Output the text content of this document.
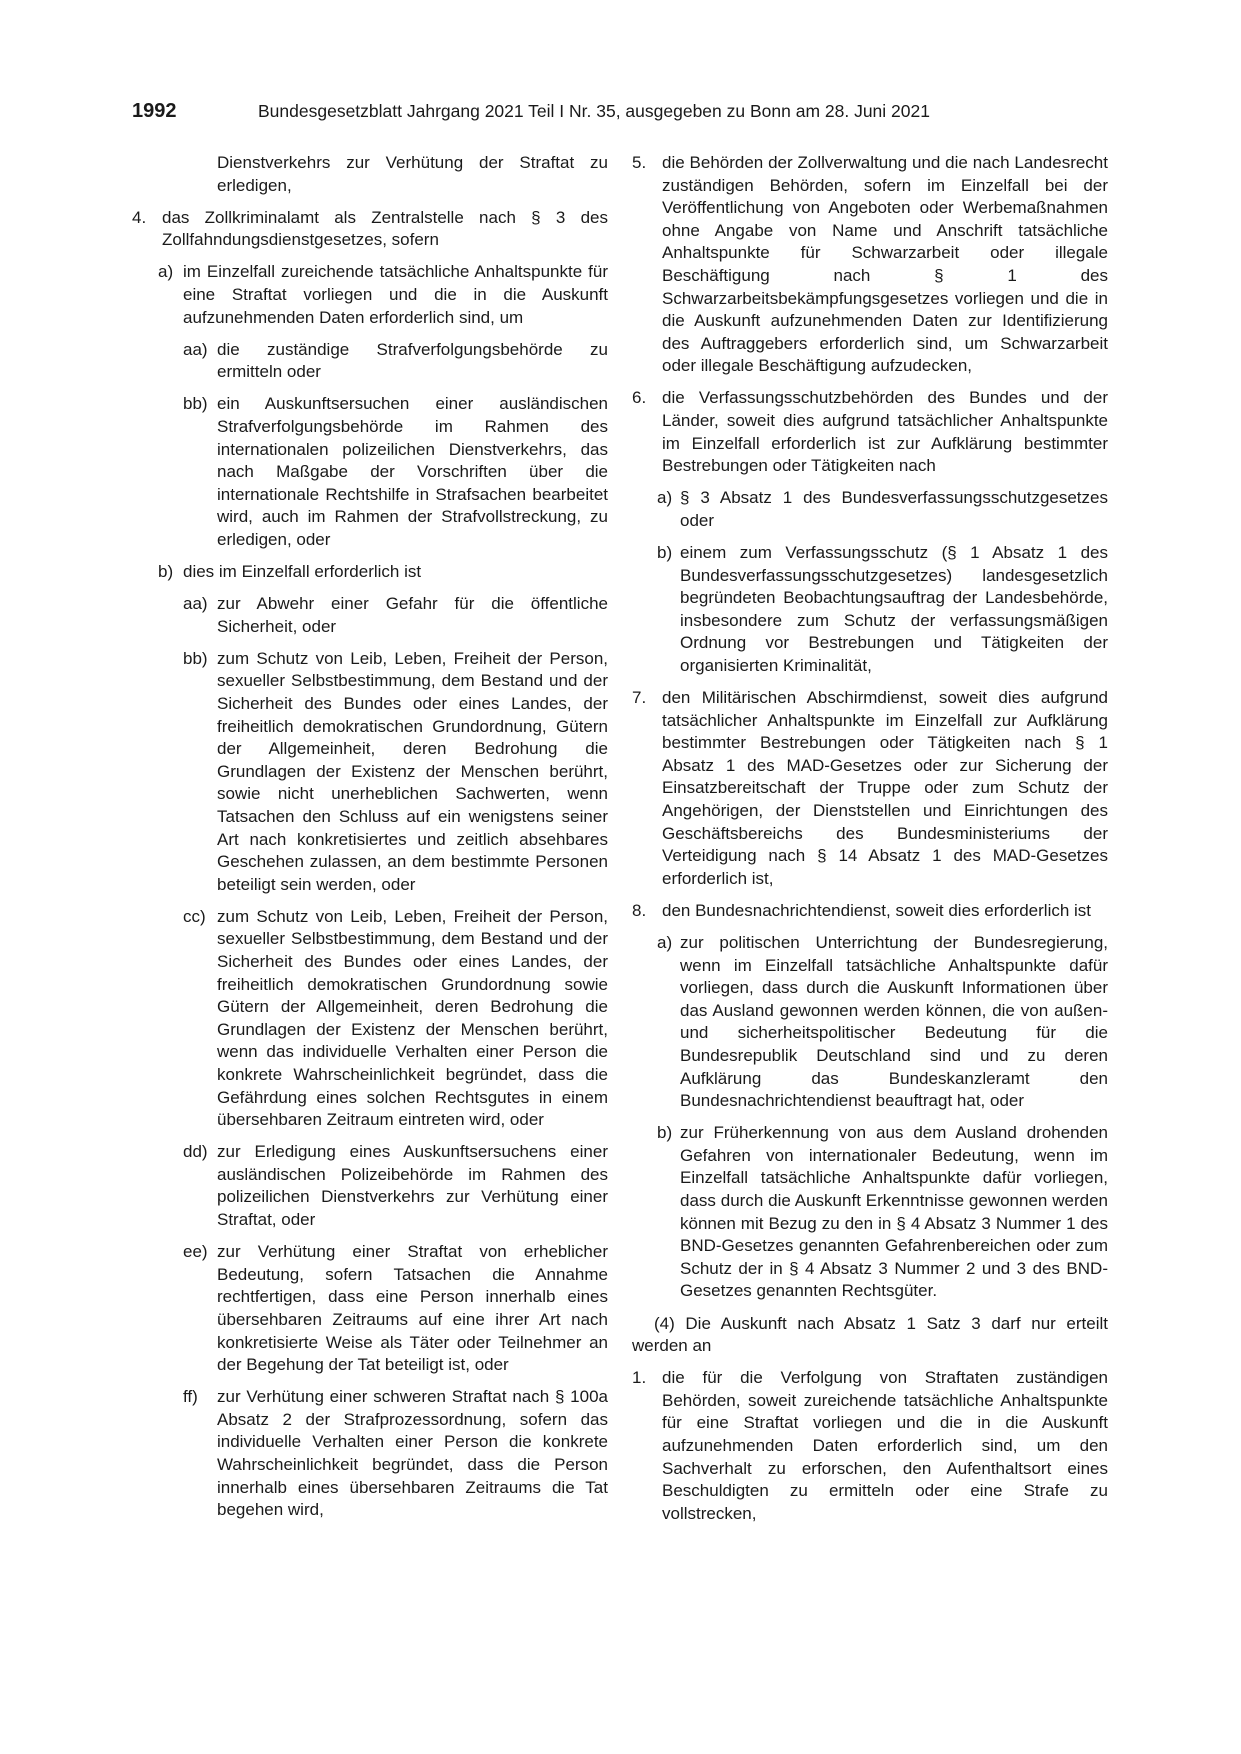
1992	Bundesgesetzblatt Jahrgang 2021 Teil I Nr. 35, ausgegeben zu Bonn am 28. Juni 2021
Dienstverkehrs zur Verhütung der Straftat zu erledigen,
4. das Zollkriminalamt als Zentralstelle nach § 3 des Zollfahndungsdienstgesetzes, sofern
a) im Einzelfall zureichende tatsächliche Anhaltspunkte für eine Straftat vorliegen und die in die Auskunft aufzunehmenden Daten erforderlich sind, um
aa) die zuständige Strafverfolgungsbehörde zu ermitteln oder
bb) ein Auskunftsersuchen einer ausländischen Strafverfolgungsbehörde im Rahmen des internationalen polizeilichen Dienstverkehrs, das nach Maßgabe der Vorschriften über die internationale Rechtshilfe in Strafsachen bearbeitet wird, auch im Rahmen der Strafvollstreckung, zu erledigen, oder
b) dies im Einzelfall erforderlich ist
aa) zur Abwehr einer Gefahr für die öffentliche Sicherheit, oder
bb) zum Schutz von Leib, Leben, Freiheit der Person, sexueller Selbstbestimmung, dem Bestand und der Sicherheit des Bundes oder eines Landes, der freiheitlich demokratischen Grundordnung, Gütern der Allgemeinheit, deren Bedrohung die Grundlagen der Existenz der Menschen berührt, sowie nicht unerheblichen Sachwerten, wenn Tatsachen den Schluss auf ein wenigstens seiner Art nach konkretisiertes und zeitlich absehbares Geschehen zulassen, an dem bestimmte Personen beteiligt sein werden, oder
cc) zum Schutz von Leib, Leben, Freiheit der Person, sexueller Selbstbestimmung, dem Bestand und der Sicherheit des Bundes oder eines Landes, der freiheitlich demokratischen Grundordnung sowie Gütern der Allgemeinheit, deren Bedrohung die Grundlagen der Existenz der Menschen berührt, wenn das individuelle Verhalten einer Person die konkrete Wahrscheinlichkeit begründet, dass die Gefährdung eines solchen Rechtsgutes in einem übersehbaren Zeitraum eintreten wird, oder
dd) zur Erledigung eines Auskunftsersuchens einer ausländischen Polizeibehörde im Rahmen des polizeilichen Dienstverkehrs zur Verhütung einer Straftat, oder
ee) zur Verhütung einer Straftat von erheblicher Bedeutung, sofern Tatsachen die Annahme rechtfertigen, dass eine Person innerhalb eines übersehbaren Zeitraums auf eine ihrer Art nach konkretisierte Weise als Täter oder Teilnehmer an der Begehung der Tat beteiligt ist, oder
ff)	zur Verhütung einer schweren Straftat nach § 100a Absatz 2 der Strafprozessordnung, sofern das individuelle Verhalten einer Person die konkrete Wahrscheinlichkeit begründet, dass die Person innerhalb eines übersehbaren Zeitraums die Tat begehen wird,
5. die Behörden der Zollverwaltung und die nach Landesrecht zuständigen Behörden, sofern im Einzelfall bei der Veröffentlichung von Angeboten oder Werbemaßnahmen ohne Angabe von Name und Anschrift tatsächliche Anhaltspunkte für Schwarzarbeit oder illegale Beschäftigung nach § 1 des Schwarzarbeitsbekämpfungsgesetzes vorliegen und die in die Auskunft aufzunehmenden Daten zur Identifizierung des Auftraggebers erforderlich sind, um Schwarzarbeit oder illegale Beschäftigung aufzudecken,
6. die Verfassungsschutzbehörden des Bundes und der Länder, soweit dies aufgrund tatsächlicher Anhaltspunkte im Einzelfall erforderlich ist zur Aufklärung bestimmter Bestrebungen oder Tätigkeiten nach
a) § 3 Absatz 1 des Bundesverfassungsschutzgesetzes oder
b) einem zum Verfassungsschutz (§ 1 Absatz 1 des Bundesverfassungsschutzgesetzes) landesgesetzlich begründeten Beobachtungsauftrag der Landesbehörde, insbesondere zum Schutz der verfassungsmäßigen Ordnung vor Bestrebungen und Tätigkeiten der organisierten Kriminalität,
7. den Militärischen Abschirmdienst, soweit dies aufgrund tatsächlicher Anhaltspunkte im Einzelfall zur Aufklärung bestimmter Bestrebungen oder Tätigkeiten nach § 1 Absatz 1 des MAD-Gesetzes oder zur Sicherung der Einsatzbereitschaft der Truppe oder zum Schutz der Angehörigen, der Dienststellen und Einrichtungen des Geschäftsbereichs des Bundesministeriums der Verteidigung nach § 14 Absatz 1 des MAD-Gesetzes erforderlich ist,
8. den Bundesnachrichtendienst, soweit dies erforderlich ist
a) zur politischen Unterrichtung der Bundesregierung, wenn im Einzelfall tatsächliche Anhaltspunkte dafür vorliegen, dass durch die Auskunft Informationen über das Ausland gewonnen werden können, die von außen- und sicherheitspolitischer Bedeutung für die Bundesrepublik Deutschland sind und zu deren Aufklärung das Bundeskanzleramt den Bundesnachrichtendienst beauftragt hat, oder
b) zur Früherkennung von aus dem Ausland drohenden Gefahren von internationaler Bedeutung, wenn im Einzelfall tatsächliche Anhaltspunkte dafür vorliegen, dass durch die Auskunft Erkenntnisse gewonnen werden können mit Bezug zu den in § 4 Absatz 3 Nummer 1 des BND-Gesetzes genannten Gefahrenbereichen oder zum Schutz der in § 4 Absatz 3 Nummer 2 und 3 des BND-Gesetzes genannten Rechtsgüter.
(4) Die Auskunft nach Absatz 1 Satz 3 darf nur erteilt werden an
1. die für die Verfolgung von Straftaten zuständigen Behörden, soweit zureichende tatsächliche Anhaltspunkte für eine Straftat vorliegen und die in die Auskunft aufzunehmenden Daten erforderlich sind, um den Sachverhalt zu erforschen, den Aufenthaltsort eines Beschuldigten zu ermitteln oder eine Strafe zu vollstrecken,
